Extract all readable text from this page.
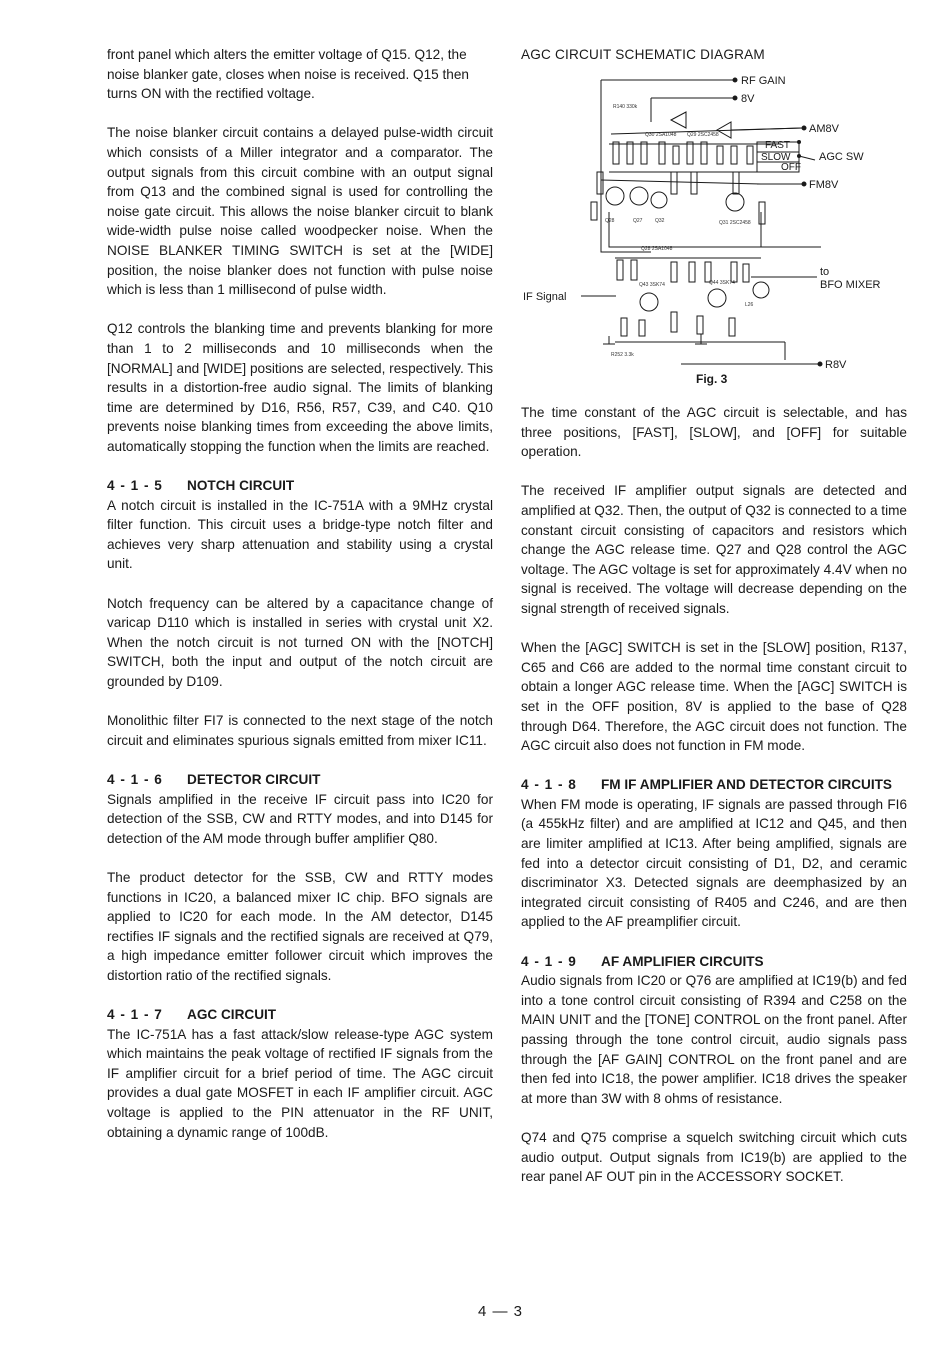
front panel which alters the emitter voltage of Q15. Q12, the noise blanker gate, closes when noise is received. Q15 then turns ON with the rectified voltage.

The noise blanker circuit contains a delayed pulse-width circuit which consists of a Miller integrator and a comparator. The output signals from this circuit combine with an output signal from Q13 and the combined signal is used for controlling the noise gate circuit. This allows the noise blanker circuit to blank wide-width pulse noise called woodpecker noise. When the NOISE BLANKER TIMING SWITCH is set at the [WIDE] position, the noise blanker does not function with pulse noise which is less than 1 millisecond of pulse width.

Q12 controls the blanking time and prevents blanking for more than 1 to 2 milliseconds and 10 milliseconds when the [NORMAL] and [WIDE] positions are selected, respectively. This results in a distortion-free audio signal. The limits of blanking time are determined by D16, R56, R57, C39, and C40. Q10 prevents noise blanking times from exceeding the above limits, automatically stopping the function when the limits are reached.

4 - 1 - 5 NOTCH CIRCUIT

A notch circuit is installed in the IC-751A with a 9MHz crystal filter function. This circuit uses a bridge-type notch filter and achieves very sharp attenuation and stability using a crystal unit.

Notch frequency can be altered by a capacitance change of varicap D110 which is installed in series with crystal unit X2. When the notch circuit is not turned ON with the [NOTCH] SWITCH, both the input and output of the notch circuit are grounded by D109.

Monolithic filter FI7 is connected to the next stage of the notch circuit and eliminates spurious signals emitted from mixer IC11.

4 - 1 - 6 DETECTOR CIRCUIT

Signals amplified in the receive IF circuit pass into IC20 for detection of the SSB, CW and RTTY modes, and into D145 for detection of the AM mode through buffer amplifier Q80.

The product detector for the SSB, CW and RTTY modes functions in IC20, a balanced mixer IC chip. BFO signals are applied to IC20 for each mode. In the AM detector, D145 rectifies IF signals and the rectified signals are received at Q79, a high impedance emitter follower circuit which improves the distortion ratio of the rectified signals.

4 - 1 - 7 AGC CIRCUIT

The IC-751A has a fast attack/slow release-type AGC system which maintains the peak voltage of rectified IF signals from the IF amplifier circuit for a brief period of time. The AGC circuit provides a dual gate MOSFET in each IF amplifier circuit. AGC voltage is applied to the PIN attenuator in the RF UNIT, obtaining a dynamic range of 100dB.

AGC CIRCUIT SCHEMATIC DIAGRAM
R140 330k
Q30 2SA1048 Q29 2SC2458
Q28	Q27	Q32
Q28 2SA1048
Q31 2SC2458
Q43 3SK74	Q44 3SK74
L26
R252 3.3k
RF GAIN
8V
AM8V
FAST
SLOW
OFF
AGC SW
FM8V
to
BFO MIXER
IF Signal
R8V
Fig. 3

The time constant of the AGC circuit is selectable, and has three positions, [FAST], [SLOW], and [OFF] for suitable operation.

The received IF amplifier output signals are detected and amplified at Q32. Then, the output of Q32 is connected to a time constant circuit consisting of capacitors and resistors which change the AGC release time. Q27 and Q28 control the AGC voltage. The AGC voltage is set for approximately 4.4V when no signal is received. The voltage will decrease depending on the signal strength of received signals.

When the [AGC] SWITCH is set in the [SLOW] position, R137, C65 and C66 are added to the normal time constant circuit to obtain a longer AGC release time. When the [AGC] SWITCH is set in the OFF position, 8V is applied to the base of Q28 through D64. Therefore, the AGC circuit does not function. The AGC circuit also does not function in FM mode.

4 - 1 - 8 FM IF AMPLIFIER AND DETECTOR CIRCUITS

When FM mode is operating, IF signals are passed through FI6 (a 455kHz filter) and are amplified at IC12 and Q45, and then are limiter amplified at IC13. After being amplified, signals are fed into a detector circuit consisting of D1, D2, and ceramic discriminator X3. Detected signals are deemphasized by an integrated circuit consisting of R405 and C246, and are then applied to the AF preamplifier circuit.

4 - 1 - 9 AF AMPLIFIER CIRCUITS

Audio signals from IC20 or Q76 are amplified at IC19(b) and fed into a tone control circuit consisting of R394 and C258 on the MAIN UNIT and the [TONE] CONTROL on the front panel. After passing through the tone control circuit, audio signals pass through the [AF GAIN] CONTROL on the front panel and are then fed into IC18, the power amplifier. IC18 drives the speaker at more than 3W with 8 ohms of resistance.

Q74 and Q75 comprise a squelch switching circuit which cuts audio output. Output signals from IC19(b) are applied to the rear panel AF OUT pin in the ACCESSORY SOCKET.

4 — 3
